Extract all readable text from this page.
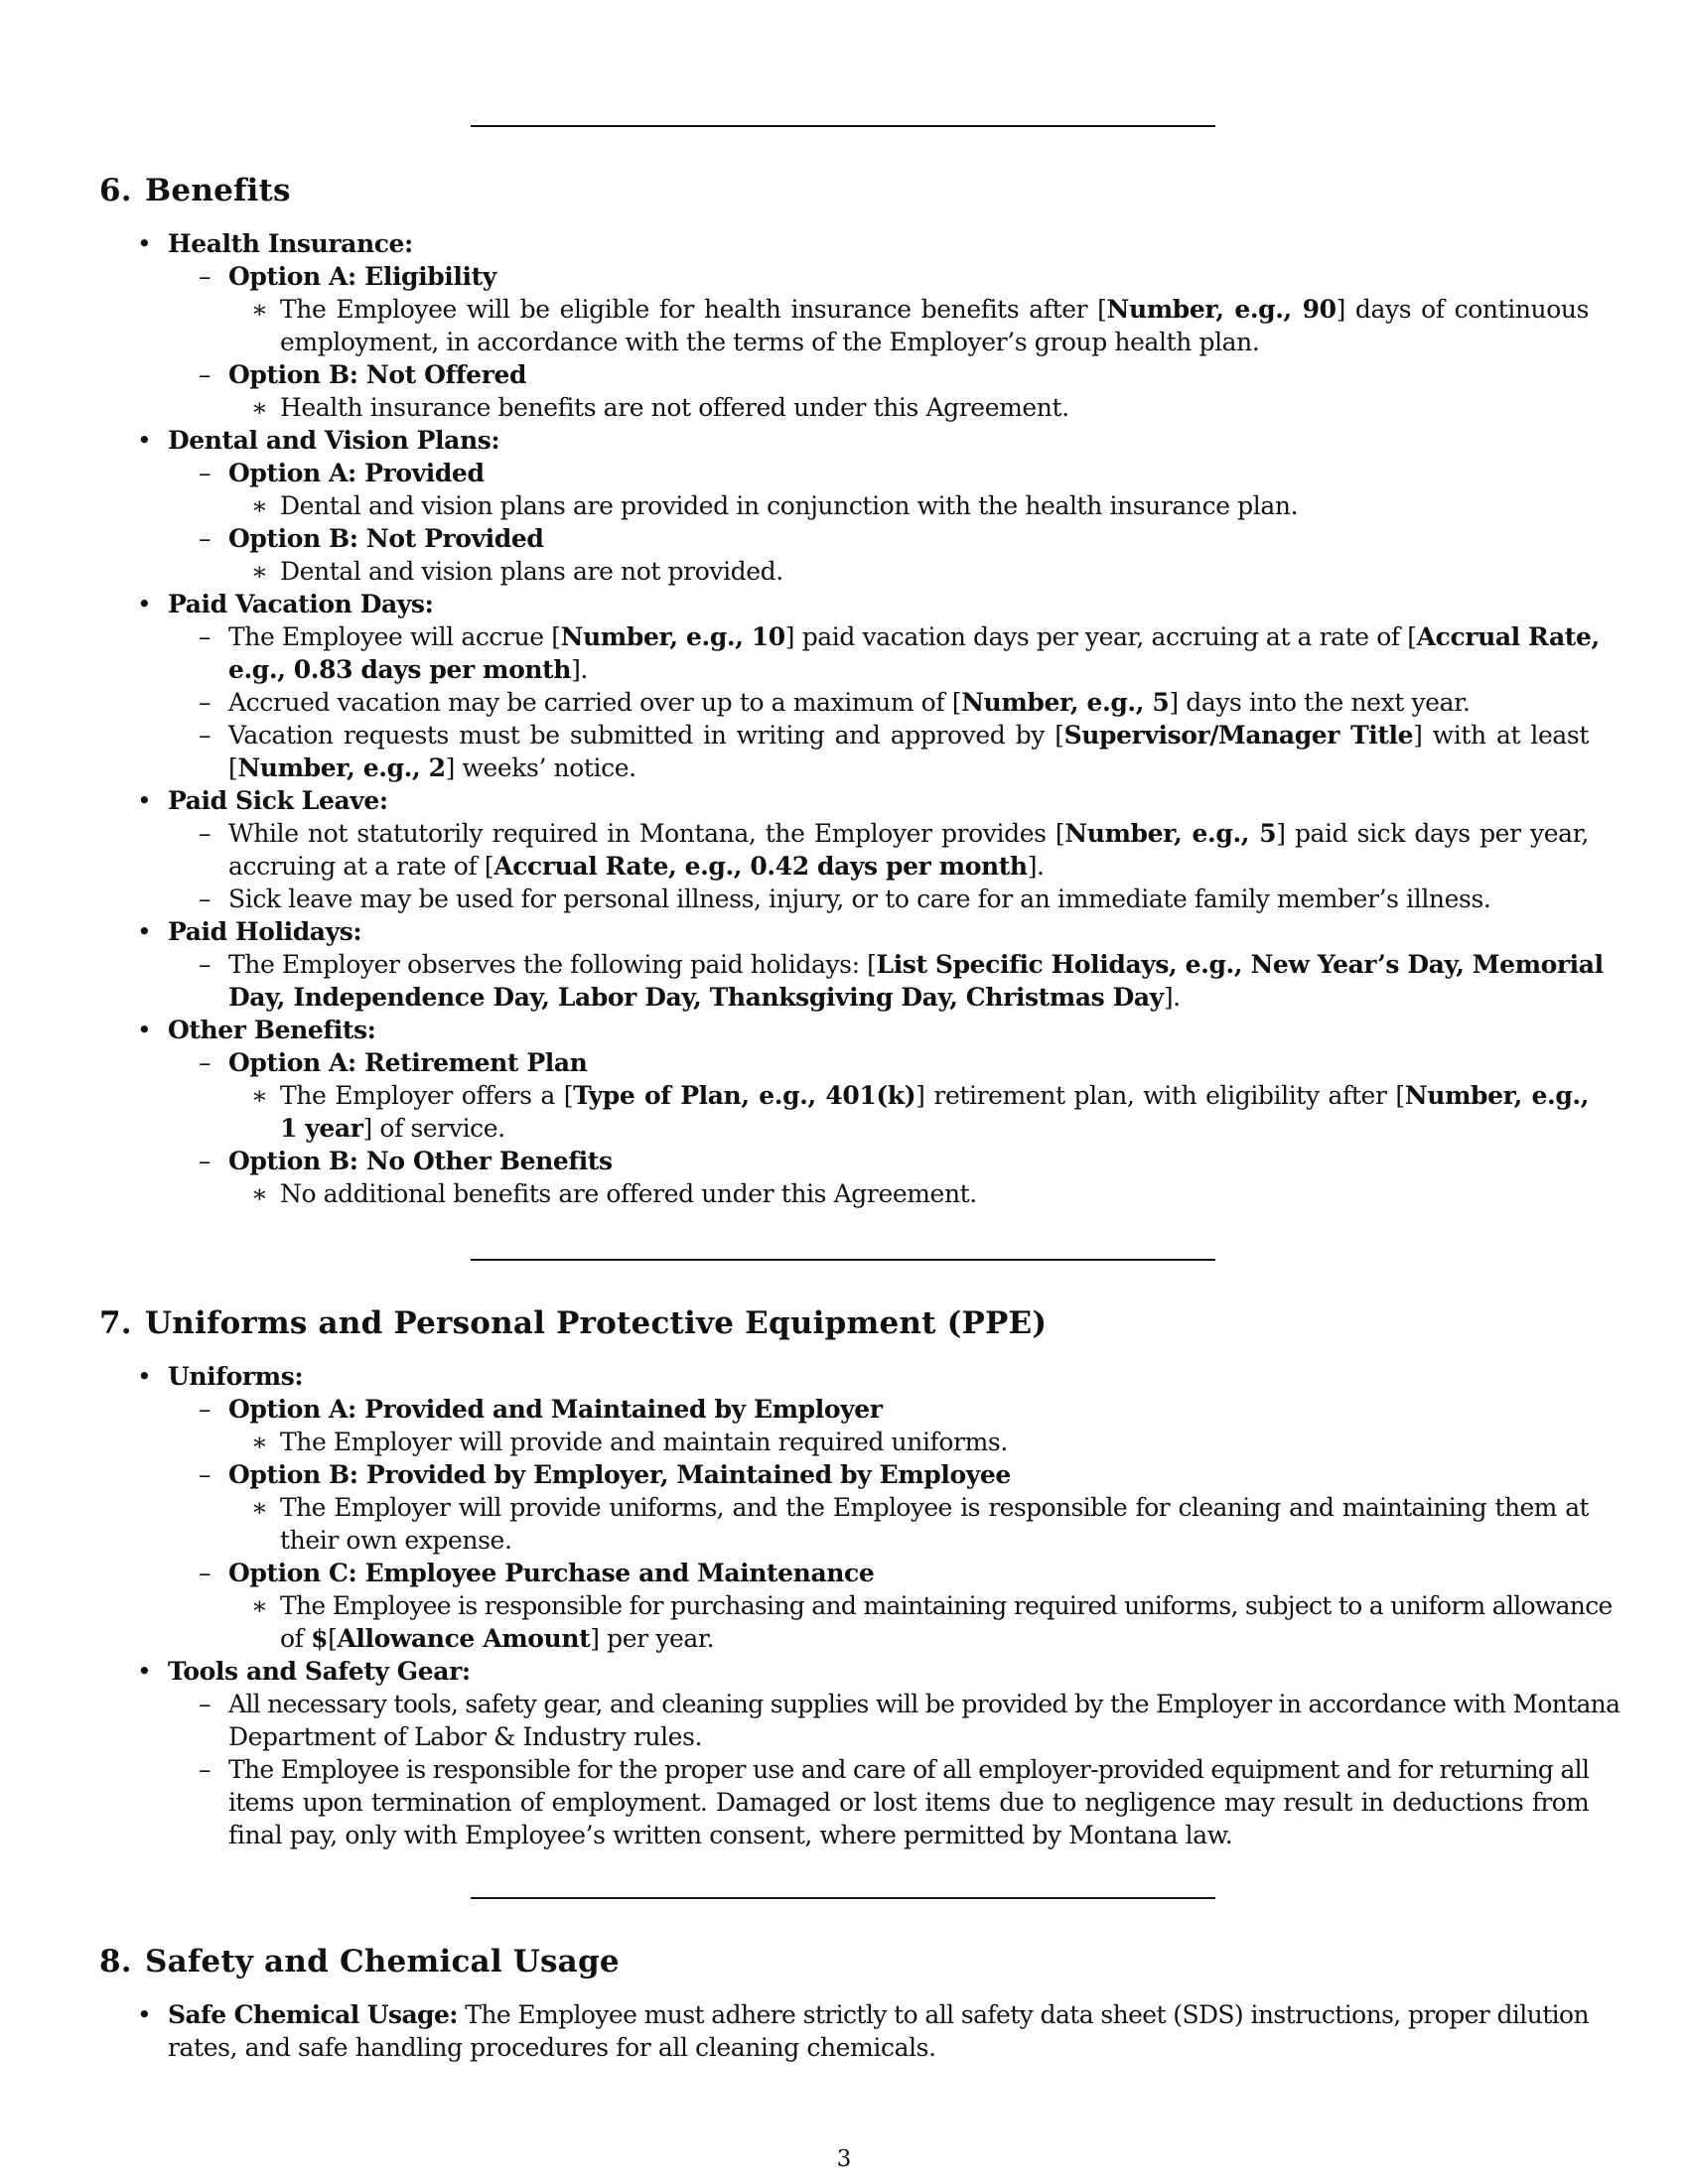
6. Benefits
• Health Insurance:
– Option A: Eligibility
∗ The Employee will be eligible for health insurance benefits after [Number, e.g., 90] days of continuous
employment, in accordance with the terms of the Employer’s group health plan.
– Option B: Not Offered
∗ Health insurance benefits are not offered under this Agreement.
• Dental and Vision Plans:
– Option A: Provided
∗ Dental and vision plans are provided in conjunction with the health insurance plan.
– Option B: Not Provided
∗ Dental and vision plans are not provided.
• Paid Vacation Days:
– The Employee will accrue [Number, e.g., 10] paid vacation days per year, accruing at a rate of [Accrual Rate,
e.g., 0.83 days per month].
– Accrued vacation may be carried over up to a maximum of [Number, e.g., 5] days into the next year.
– Vacation requests must be submitted in writing and approved by [Supervisor/Manager Title] with at least
[Number, e.g., 2] weeks’ notice.
• Paid Sick Leave:
– While not statutorily required in Montana, the Employer provides [Number, e.g., 5] paid sick days per year,
accruing at a rate of [Accrual Rate, e.g., 0.42 days per month].
– Sick leave may be used for personal illness, injury, or to care for an immediate family member’s illness.
• Paid Holidays:
– The Employer observes the following paid holidays: [List Specific Holidays, e.g., New Year’s Day, Memorial
Day, Independence Day, Labor Day, Thanksgiving Day, Christmas Day].
• Other Benefits:
– Option A: Retirement Plan
∗ The Employer offers a [Type of Plan, e.g., 401(k)] retirement plan, with eligibility after [Number, e.g.,
1 year] of service.
– Option B: No Other Benefits
∗ No additional benefits are offered under this Agreement.
7. Uniforms and Personal Protective Equipment (PPE)
• Uniforms:
– Option A: Provided and Maintained by Employer
∗ The Employer will provide and maintain required uniforms.
– Option B: Provided by Employer, Maintained by Employee
∗ The Employer will provide uniforms, and the Employee is responsible for cleaning and maintaining them at
their own expense.
– Option C: Employee Purchase and Maintenance
∗ The Employee is responsible for purchasing and maintaining required uniforms, subject to a uniform allowance
of $[Allowance Amount] per year.
• Tools and Safety Gear:
– All necessary tools, safety gear, and cleaning supplies will be provided by the Employer in accordance with Montana
Department of Labor & Industry rules.
– The Employee is responsible for the proper use and care of all employer-provided equipment and for returning all
items upon termination of employment. Damaged or lost items due to negligence may result in deductions from
final pay, only with Employee’s written consent, where permitted by Montana law.
8. Safety and Chemical Usage
• Safe Chemical Usage: The Employee must adhere strictly to all safety data sheet (SDS) instructions, proper dilution
rates, and safe handling procedures for all cleaning chemicals.
3
